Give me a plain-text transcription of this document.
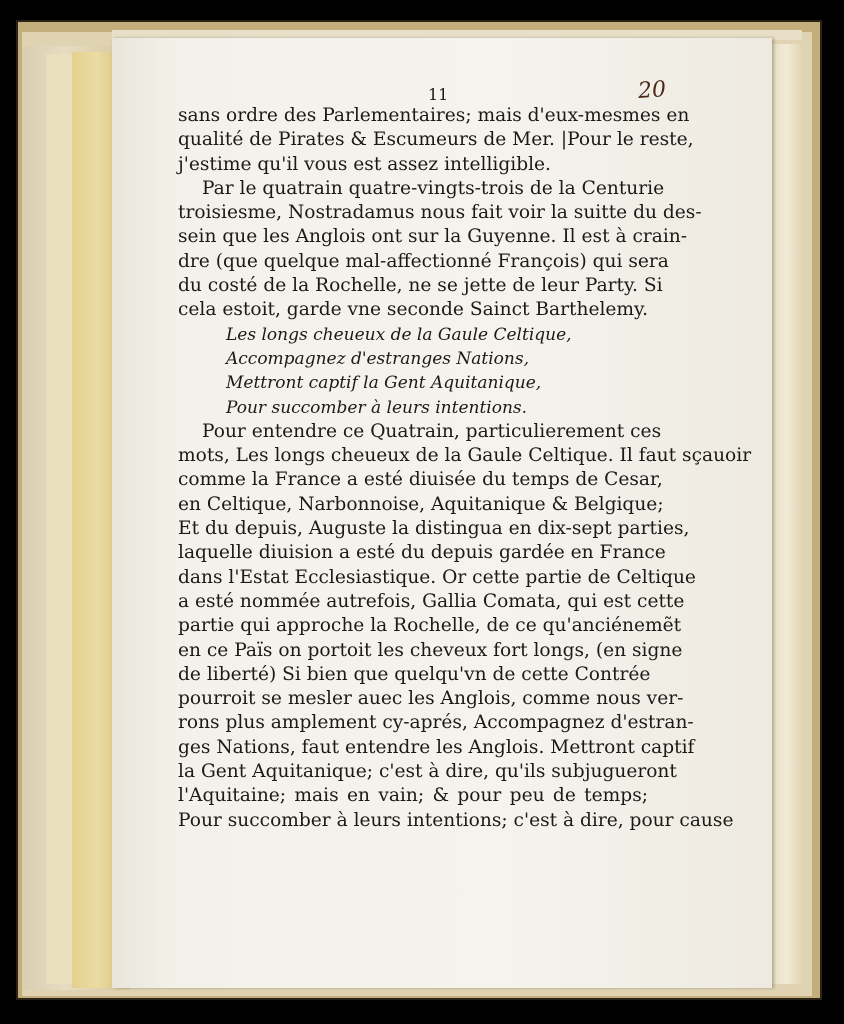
11	20
sans ordre des Parlementaires; mais d'eux-mesmes en
qualité de Pirates & Escumeurs de Mer. |Pour le reste,
j'estime qu'il vous est assez intelligible.
Par le quatrain quatre-vingts-trois de la Centurie
troisiesme, Nostradamus nous fait voir la suitte du des-
sein que les Anglois ont sur la Guyenne. Il est à crain-
dre (que quelque mal-affectionné François) qui sera
du costé de la Rochelle, ne se jette de leur Party. Si
cela estoit, garde vne seconde Sainct Barthelemy.
Les longs cheueux de la Gaule Celtique,
Accompagnez d'estranges Nations,
Mettront captif la Gent Aquitanique,
Pour succomber à leurs intentions.
Pour entendre ce Quatrain, particulierement ces
mots, Les longs cheueux de la Gaule Celtique. Il faut sçauoir
comme la France a esté diuisée du temps de Cesar,
en Celtique, Narbonnoise, Aquitanique & Belgique;
Et du depuis, Auguste la distingua en dix-sept parties,
laquelle diuision a esté du depuis gardée en France
dans l'Estat Ecclesiastique. Or cette partie de Celtique
a esté nommée autrefois, Gallia Comata, qui est cette
partie qui approche la Rochelle, de ce qu'anciénemẽt
en ce Païs on portoit les cheveux fort longs, (en signe
de liberté) Si bien que quelqu'vn de cette Contrée
pourroit se mesler auec les Anglois, comme nous ver-
rons plus amplement cy-aprés, Accompagnez d'estran-
ges Nations, faut entendre les Anglois. Mettront captif
la Gent Aquitanique; c'est à dire, qu'ils subjugueront
l'Aquitaine; mais en vain; & pour peu de temps;
Pour succomber à leurs intentions; c'est à dire, pour cause
